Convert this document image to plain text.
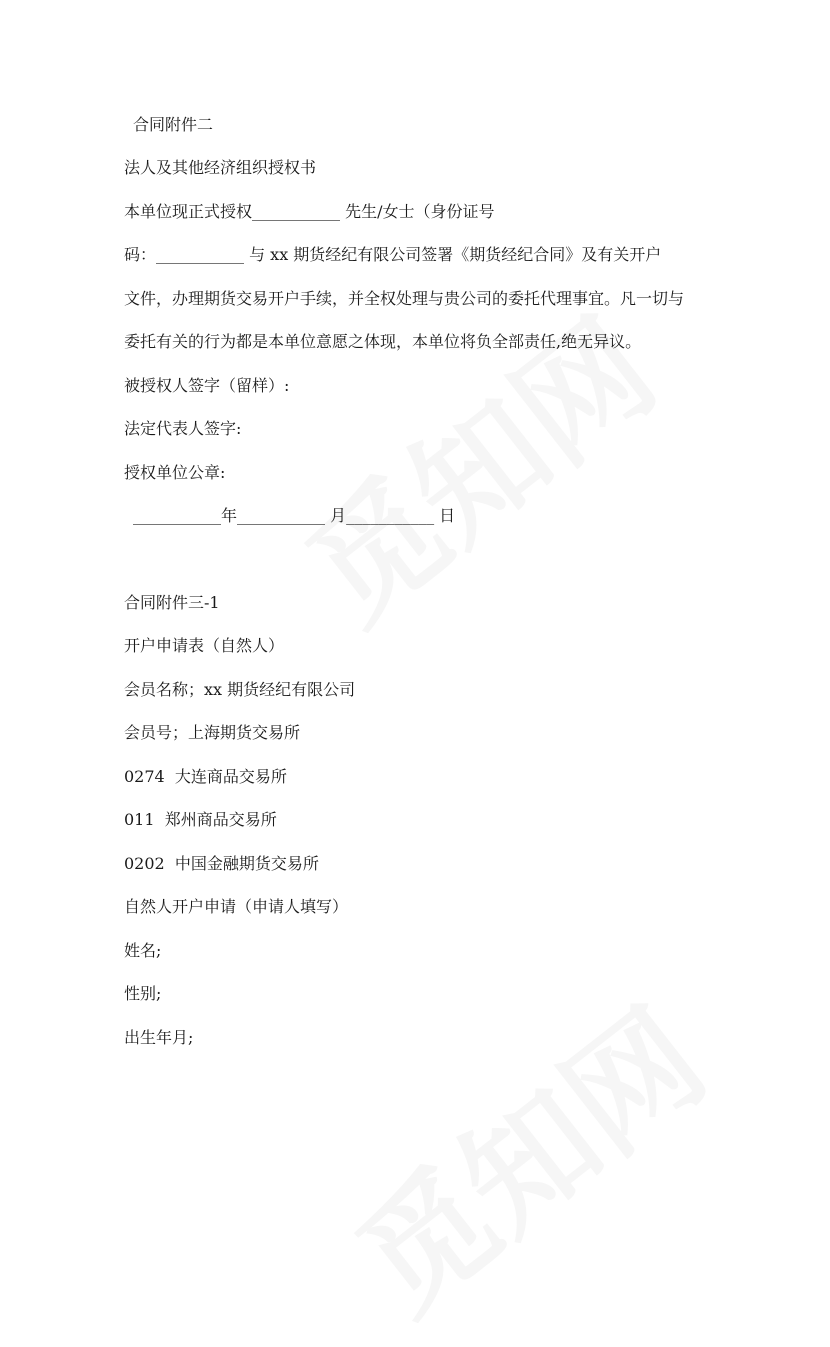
合同附件二

法人及其他经济组织授权书

本单位现正式授权___________ 先生/女士（身份证号

码：___________ 与 xx 期货经纪有限公司签署《期货经纪合同》及有关开户

文件，办理期货交易开户手续，并全权处理与贵公司的委托代理事宜。凡一切与

委托有关的行为都是本单位意愿之体现，本单位将负全部责任,绝无异议。

被授权人签字（留样）:

法定代表人签字:

授权单位公章:

___________年___________ 月___________ 日

合同附件三-1

开户申请表（自然人）

会员名称；xx 期货经纪有限公司

会员号；上海期货交易所

0274  大连商品交易所

011  郑州商品交易所

0202  中国金融期货交易所

自然人开户申请（申请人填写）

姓名;

性别;

出生年月;
